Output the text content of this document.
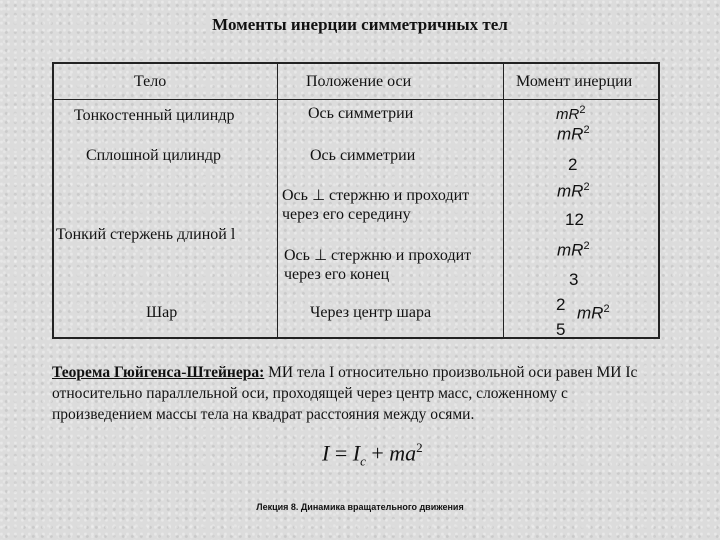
Моменты инерции симметричных тел
Тело	Положение оси	Момент инерции
Тонкостенный цилиндр
Сплошной цилиндр
Тонкий стержень длиной l
Шар
Ось симметрии
Ось симметрии
Ось ⊥ стержню и проходит
через его середину
Ось ⊥ стержню и проходит
через его конец
Через центр шара
$mR^2$
$mR^2$
2
$mR^2$
12
$mR^2$
3
2 $mR^2$
5
Теорема Гюйгенса-Штейнера: МИ тела I относительно произвольной оси равен МИ Ic относительно параллельной оси, проходящей через центр масс, сложенному с произведением массы тела на квадрат расстояния между осями.
$I = I_c + ma^2$
Лекция 8. Динамика вращательного движения
